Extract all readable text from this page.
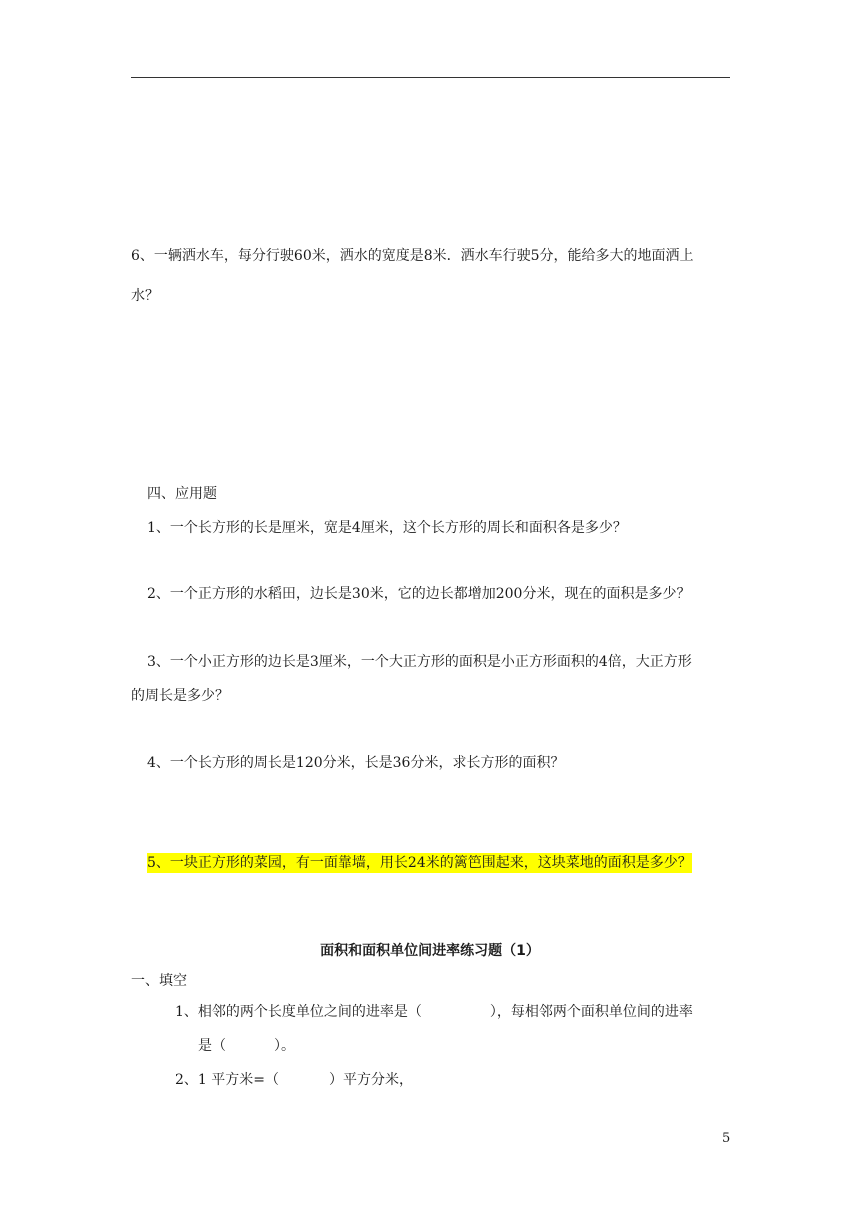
6、一辆洒水车，每分行驶60米，洒水的宽度是8米．洒水车行驶5分，能给多大的地面洒上
水？
四、应用题
1、一个长方形的长是厘米，宽是4厘米，这个长方形的周长和面积各是多少？
2、一个正方形的水稻田，边长是30米，它的边长都增加200分米，现在的面积是多少？
3、一个小正方形的边长是3厘米，一个大正方形的面积是小正方形面积的4倍，大正方形
的周长是多少？
4、一个长方形的周长是120分米，长是36分米，求长方形的面积？
5、一块正方形的菜园，有一面靠墙，用长24米的篱笆围起来，这块菜地的面积是多少？
面积和面积单位间进率练习题（1）
一、填空
1、相邻的两个长度单位之间的进率是（	），每相邻两个面积单位间的进率
是（	）。
2、1 平方米=（	）平方分米，
5
